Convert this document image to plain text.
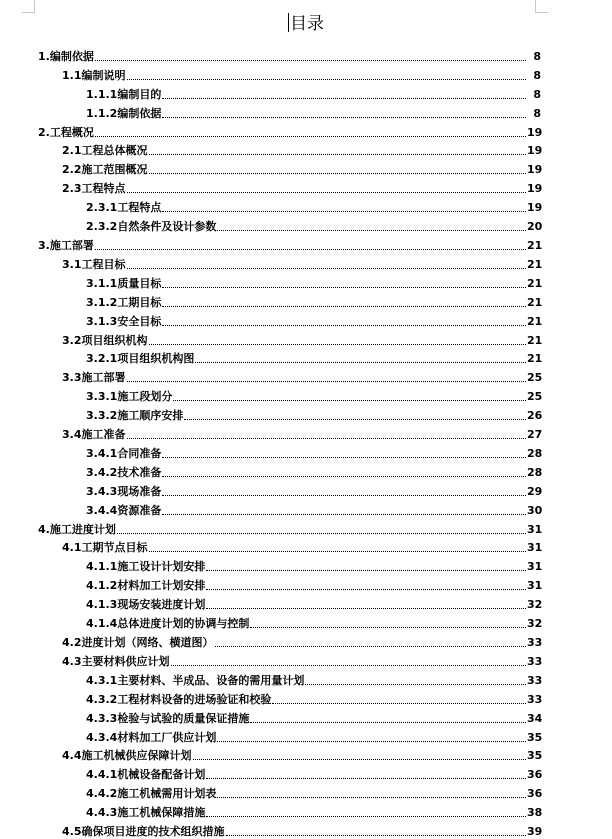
目录
1.编制依据	8
1.1编制说明	8
1.1.1编制目的	8
1.1.2编制依据	8
2.工程概况	19
2.1工程总体概况	19
2.2施工范围概况	19
2.3工程特点	19
2.3.1工程特点	19
2.3.2自然条件及设计参数	20
3.施工部署	21
3.1工程目标	21
3.1.1质量目标	21
3.1.2工期目标	21
3.1.3安全目标	21
3.2项目组织机构	21
3.2.1项目组织机构图	21
3.3施工部署	25
3.3.1施工段划分	25
3.3.2施工顺序安排	26
3.4施工准备	27
3.4.1合同准备	28
3.4.2技术准备	28
3.4.3现场准备	29
3.4.4资源准备	30
4.施工进度计划	31
4.1工期节点目标	31
4.1.1施工设计计划安排	31
4.1.2材料加工计划安排	31
4.1.3现场安装进度计划	32
4.1.4总体进度计划的协调与控制	32
4.2进度计划（网络、横道图）	33
4.3主要材料供应计划	33
4.3.1主要材料、半成品、设备的需用量计划	33
4.3.2工程材料设备的进场验证和校验	33
4.3.3检验与试验的质量保证措施	34
4.3.4材料加工厂供应计划	35
4.4施工机械供应保障计划	35
4.4.1机械设备配备计划	36
4.4.2施工机械需用计划表	36
4.4.3施工机械保障措施	38
4.5确保项目进度的技术组织措施	39
